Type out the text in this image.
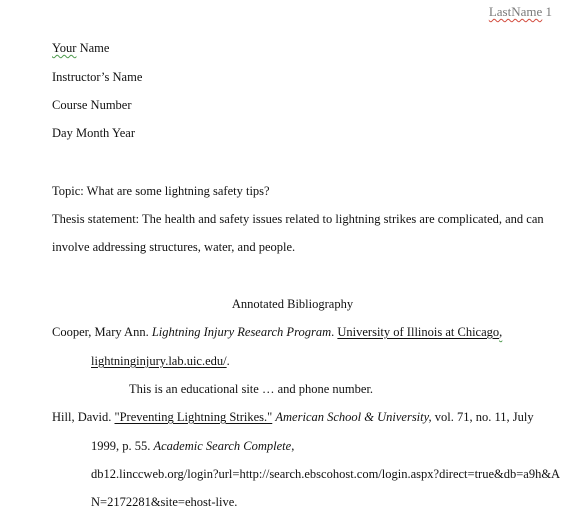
LastName 1
Your Name
Instructor’s Name
Course Number
Day Month Year
Topic: What are some lightning safety tips?
Thesis statement: The health and safety issues related to lightning strikes are complicated, and can
involve addressing structures, water, and people.
Annotated Bibliography
Cooper, Mary Ann. Lightning Injury Research Program. University of Illinois at Chicago,
lightninginjury.lab.uic.edu/.
This is an educational site … and phone number.
Hill, David. "Preventing Lightning Strikes." American School & University, vol. 71, no. 11, July
1999, p. 55. Academic Search Complete,
db12.linccweb.org/login?url=http://search.ebscohost.com/login.aspx?direct=true&db=a9h&A
N=2172281&site=ehost-live.
